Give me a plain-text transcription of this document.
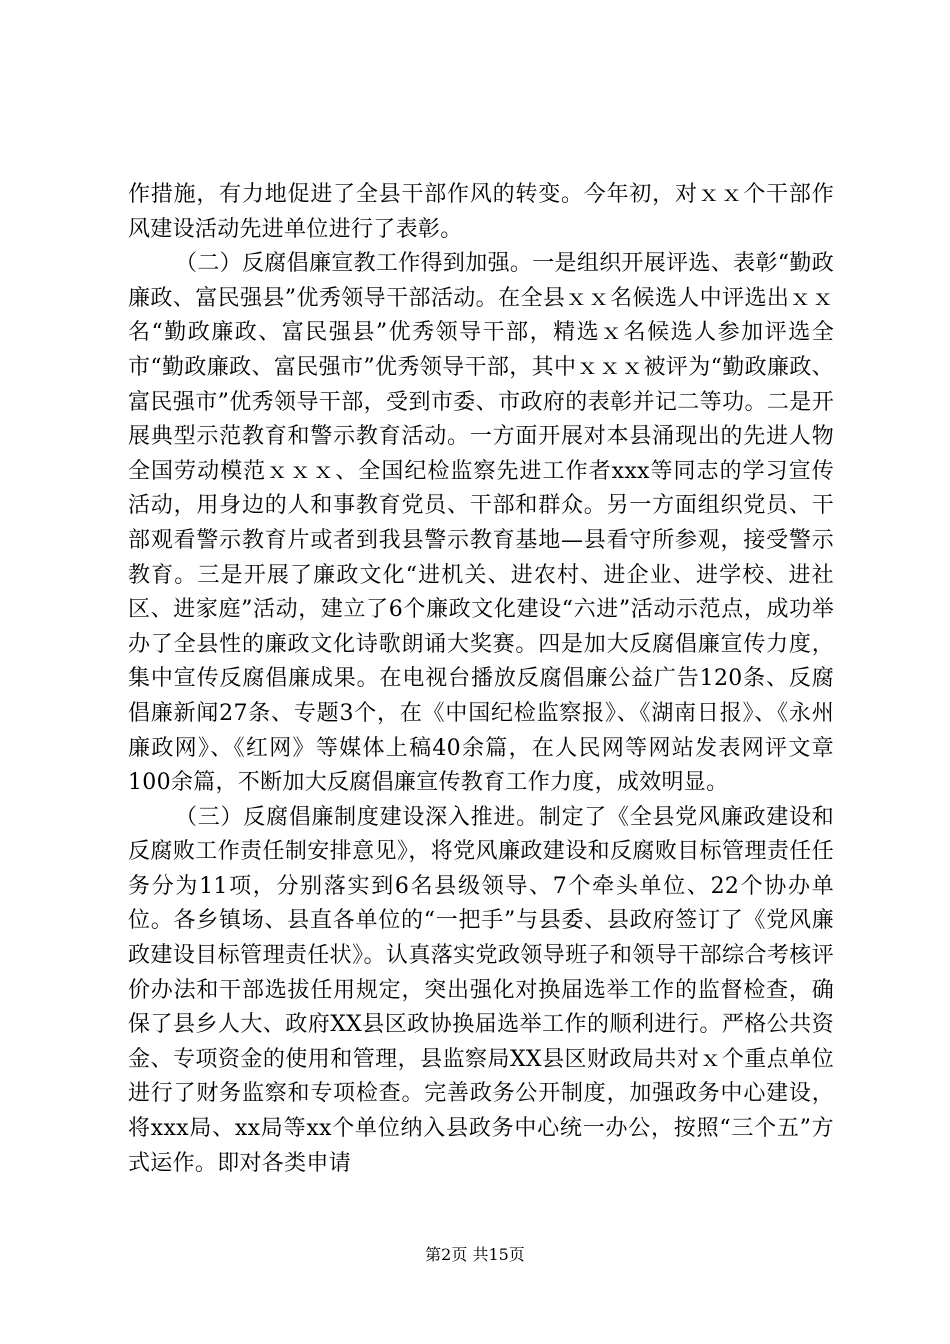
作措施，有力地促进了全县干部作风的转变。今年初，对ｘｘ个干部作风建设活动先进单位进行了表彰。

（二）反腐倡廉宣教工作得到加强。一是组织开展评选、表彰“勤政廉政、富民强县”优秀领导干部活动。在全县ｘｘ名候选人中评选出ｘｘ名“勤政廉政、富民强县”优秀领导干部，精选ｘ名候选人参加评选全市“勤政廉政、富民强市”优秀领导干部，其中ｘｘｘ被评为“勤政廉政、富民强市”优秀领导干部，受到市委、市政府的表彰并记二等功。二是开展典型示范教育和警示教育活动。一方面开展对本县涌现出的先进人物全国劳动模范ｘｘｘ、全国纪检监察先进工作者xxx等同志的学习宣传活动，用身边的人和事教育党员、干部和群众。另一方面组织党员、干部观看警示教育片或者到我县警示教育基地—县看守所参观，接受警示教育。三是开展了廉政文化“进机关、进农村、进企业、进学校、进社区、进家庭”活动，建立了6个廉政文化建设“六进”活动示范点，成功举办了全县性的廉政文化诗歌朗诵大奖赛。四是加大反腐倡廉宣传力度，集中宣传反腐倡廉成果。在电视台播放反腐倡廉公益广告120条、反腐倡廉新闻27条、专题3个，在《中国纪检监察报》、《湖南日报》、《永州廉政网》、《红网》等媒体上稿40余篇，在人民网等网站发表网评文章100余篇，不断加大反腐倡廉宣传教育工作力度，成效明显。

（三）反腐倡廉制度建设深入推进。制定了《全县党风廉政建设和反腐败工作责任制安排意见》，将党风廉政建设和反腐败目标管理责任任务分为11项，分别落实到6名县级领导、7个牵头单位、22个协办单位。各乡镇场、县直各单位的“一把手”与县委、县政府签订了《党风廉政建设目标管理责任状》。认真落实党政领导班子和领导干部综合考核评价办法和干部选拔任用规定，突出强化对换届选举工作的监督检查，确保了县乡人大、政府XX县区政协换届选举工作的顺利进行。严格公共资金、专项资金的使用和管理，县监察局XX县区财政局共对ｘ个重点单位进行了财务监察和专项检查。完善政务公开制度，加强政务中心建设，将xxx局、xx局等xx个单位纳入县政务中心统一办公，按照“三个五”方式运作。即对各类申请

第2页 共15页
